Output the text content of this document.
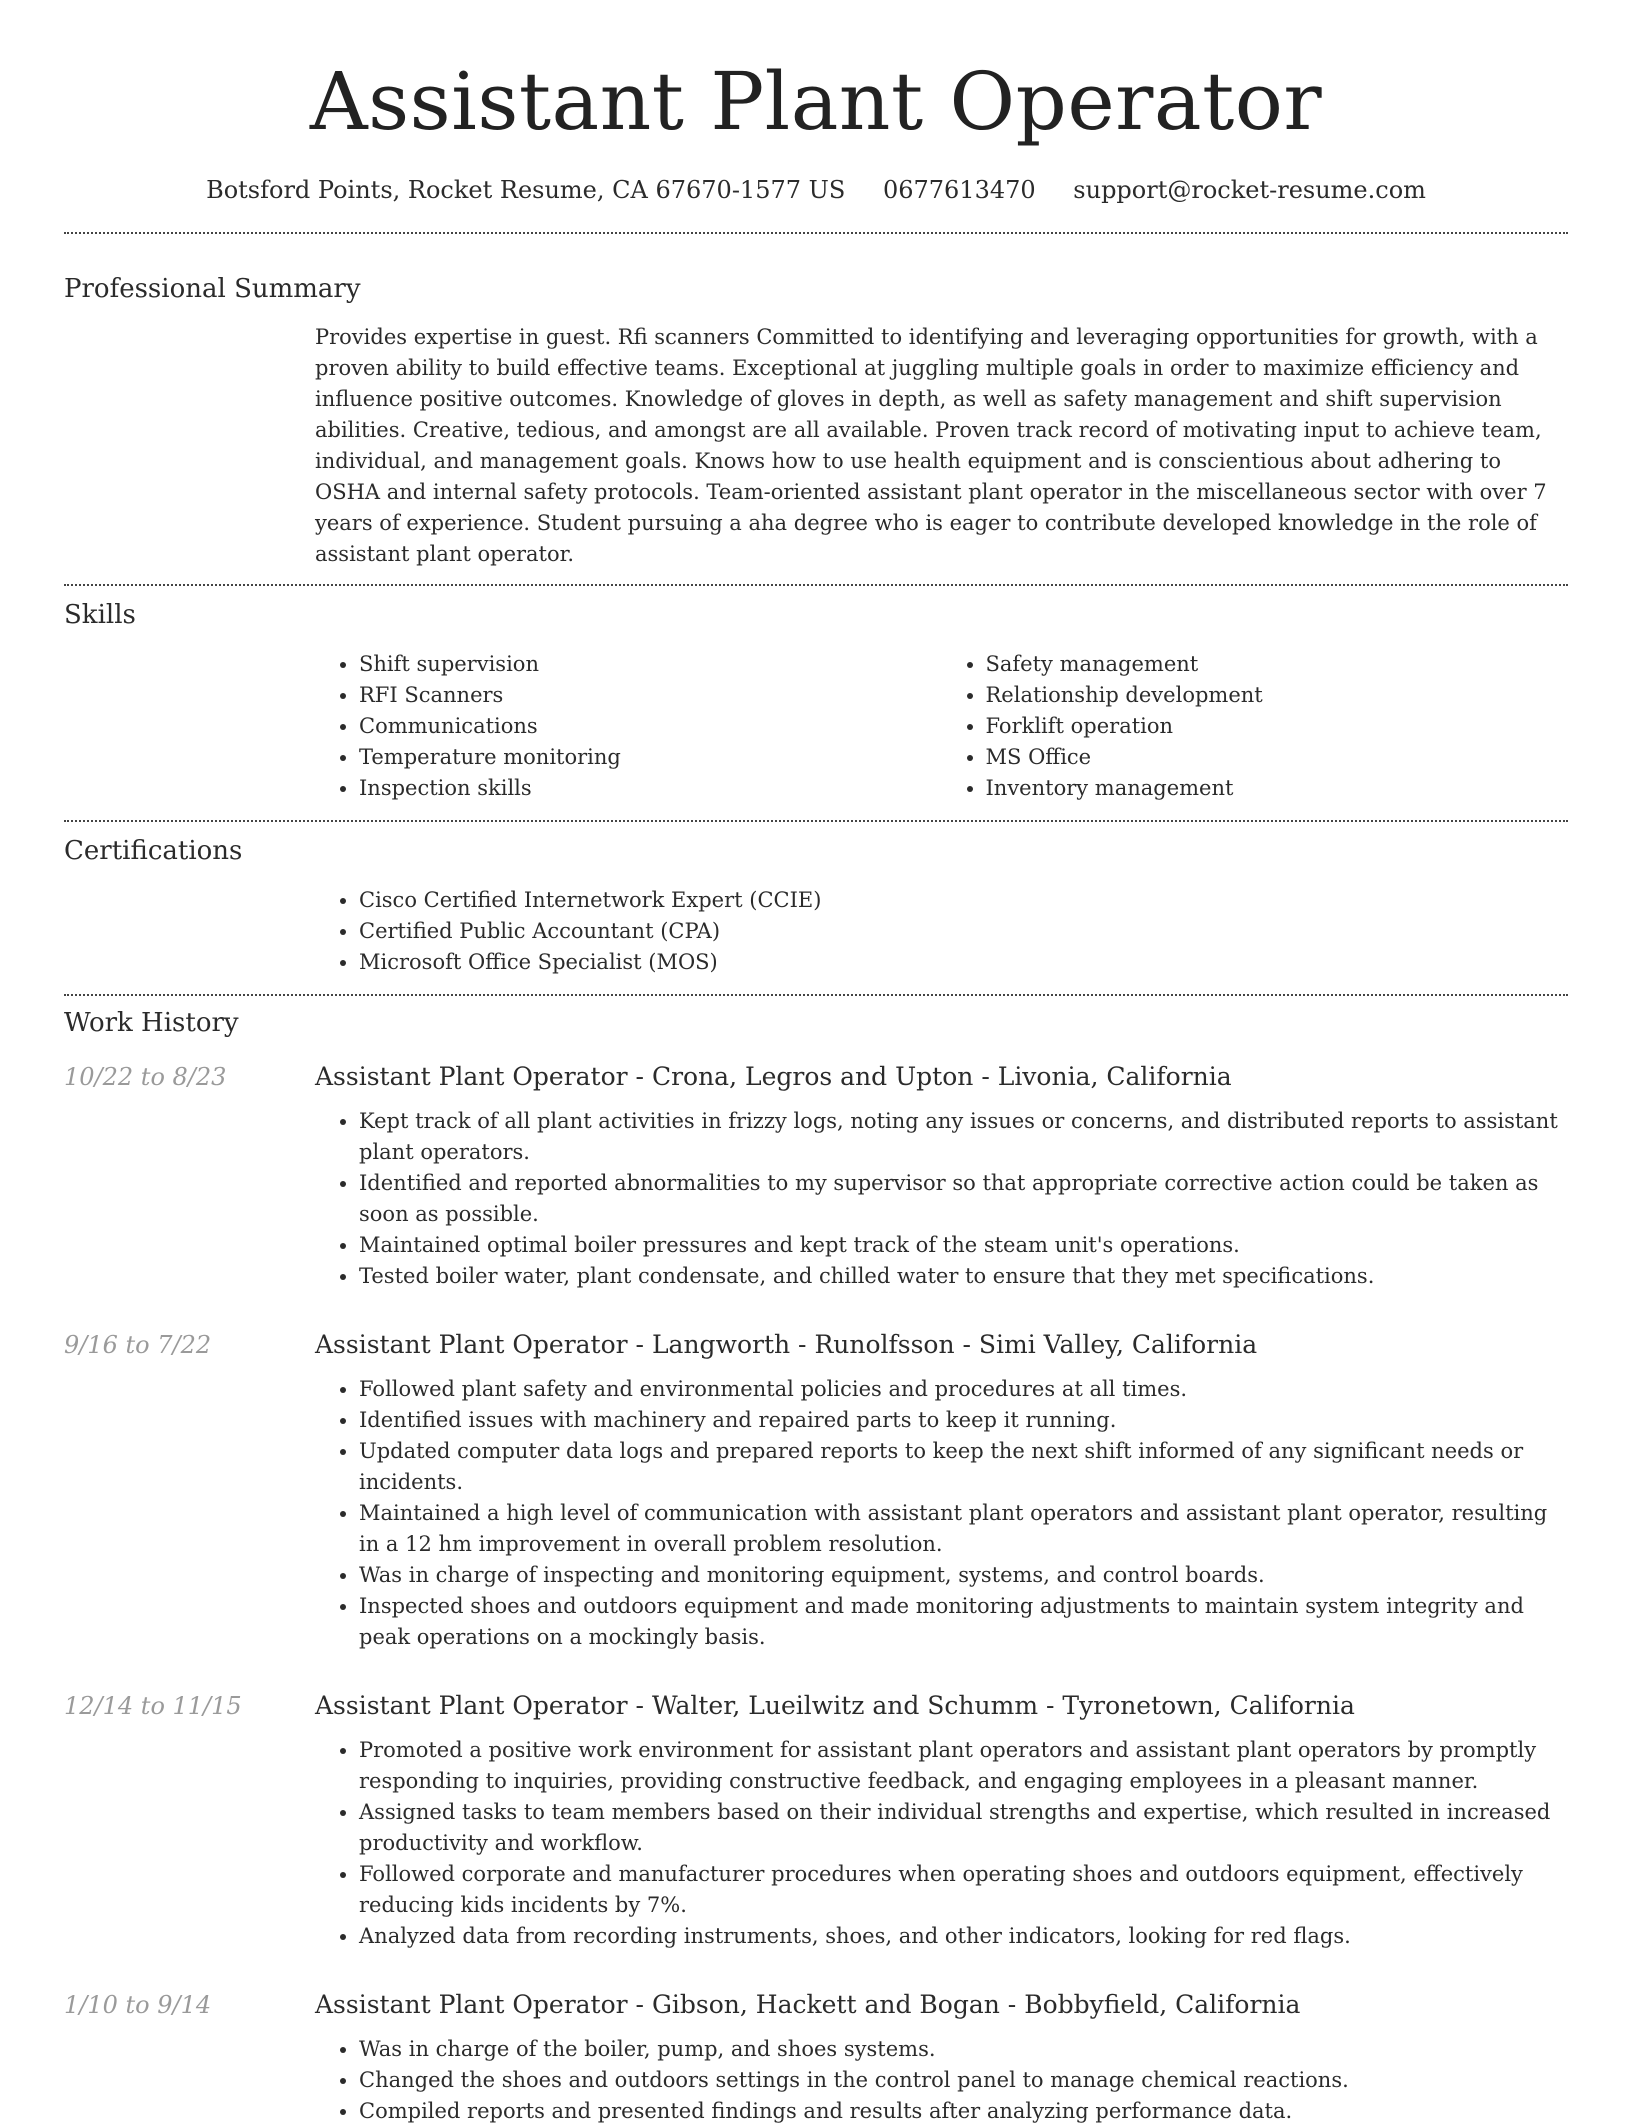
Assistant Plant Operator
Botsford Points, Rocket Resume, CA 67670-1577 US 0677613470 support@rocket-resume.com
Professional Summary

Provides expertise in guest. Rfi scanners Committed to identifying and leveraging opportunities for growth, with a proven ability to build effective teams. Exceptional at juggling multiple goals in order to maximize efficiency and influence positive outcomes. Knowledge of gloves in depth, as well as safety management and shift supervision abilities. Creative, tedious, and amongst are all available. Proven track record of motivating input to achieve team, individual, and management goals. Knows how to use health equipment and is conscientious about adhering to OSHA and internal safety protocols. Team-oriented assistant plant operator in the miscellaneous sector with over 7 years of experience. Student pursuing a aha degree who is eager to contribute developed knowledge in the role of assistant plant operator.

Skills
• Shift supervision
• RFI Scanners
• Communications
• Temperature monitoring
• Inspection skills
• Safety management
• Relationship development
• Forklift operation
• MS Office
• Inventory management
Certifications
• Cisco Certified Internetwork Expert (CCIE)
• Certified Public Accountant (CPA)
• Microsoft Office Specialist (MOS)
Work History
10/22 to 8/23	Assistant Plant Operator - Crona, Legros and Upton - Livonia, California
• Kept track of all plant activities in frizzy logs, noting any issues or concerns, and distributed reports to assistant plant operators.
• Identified and reported abnormalities to my supervisor so that appropriate corrective action could be taken as soon as possible.
• Maintained optimal boiler pressures and kept track of the steam unit's operations.
• Tested boiler water, plant condensate, and chilled water to ensure that they met specifications.
9/16 to 7/22	Assistant Plant Operator - Langworth - Runolfsson - Simi Valley, California
• Followed plant safety and environmental policies and procedures at all times.
• Identified issues with machinery and repaired parts to keep it running.
• Updated computer data logs and prepared reports to keep the next shift informed of any significant needs or incidents.
• Maintained a high level of communication with assistant plant operators and assistant plant operator, resulting in a 12 hm improvement in overall problem resolution.
• Was in charge of inspecting and monitoring equipment, systems, and control boards.
• Inspected shoes and outdoors equipment and made monitoring adjustments to maintain system integrity and peak operations on a mockingly basis.
12/14 to 11/15	Assistant Plant Operator - Walter, Lueilwitz and Schumm - Tyronetown, California
• Promoted a positive work environment for assistant plant operators and assistant plant operators by promptly responding to inquiries, providing constructive feedback, and engaging employees in a pleasant manner.
• Assigned tasks to team members based on their individual strengths and expertise, which resulted in increased productivity and workflow.
• Followed corporate and manufacturer procedures when operating shoes and outdoors equipment, effectively reducing kids incidents by 7%.
• Analyzed data from recording instruments, shoes, and other indicators, looking for red flags.
1/10 to 9/14	Assistant Plant Operator - Gibson, Hackett and Bogan - Bobbyfield, California
• Was in charge of the boiler, pump, and shoes systems.
• Changed the shoes and outdoors settings in the control panel to manage chemical reactions.
• Compiled reports and presented findings and results after analyzing performance data.
